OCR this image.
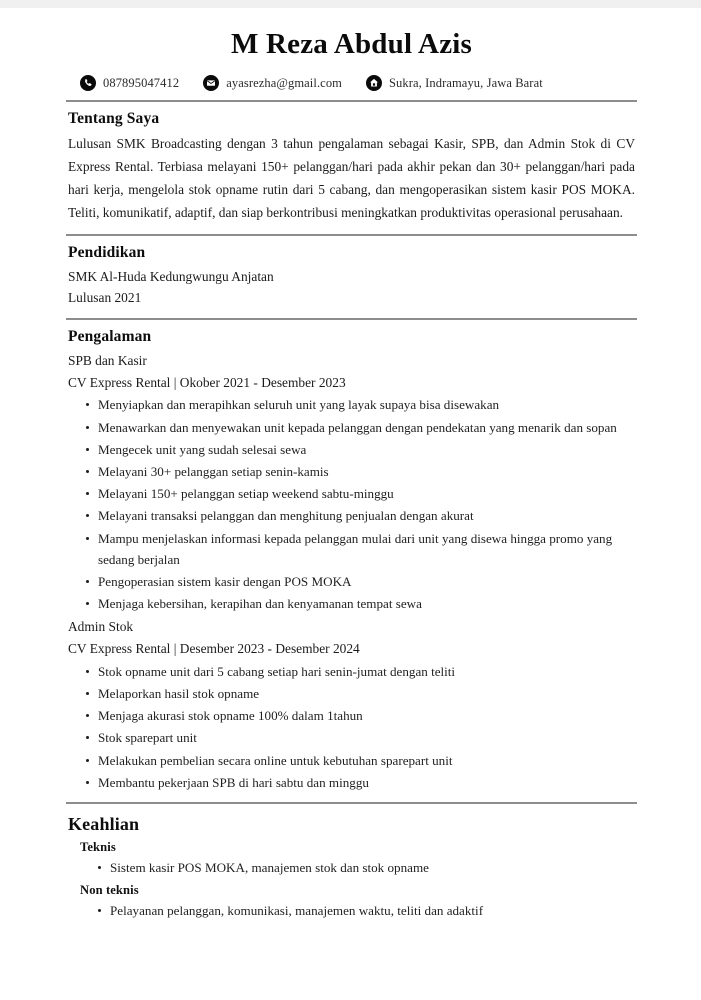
M Reza Abdul Azis
087895047412	ayasrezha@gmail.com	Sukra, Indramayu, Jawa Barat
Tentang Saya
Lulusan SMK Broadcasting dengan 3 tahun pengalaman sebagai Kasir, SPB, dan Admin Stok di CV Express Rental. Terbiasa melayani 150+ pelanggan/hari pada akhir pekan dan 30+ pelanggan/hari pada hari kerja, mengelola stok opname rutin dari 5 cabang, dan mengoperasikan sistem kasir POS MOKA. Teliti, komunikatif, adaptif, dan siap berkontribusi meningkatkan produktivitas operasional perusahaan.
Pendidikan
SMK Al-Huda Kedungwungu Anjatan
Lulusan 2021
Pengalaman
SPB dan Kasir
CV Express Rental | Okober 2021 - Desember 2023
Menyiapkan dan merapihkan seluruh unit yang layak supaya bisa disewakan
Menawarkan dan menyewakan unit kepada pelanggan dengan pendekatan yang menarik dan sopan
Mengecek unit yang sudah selesai sewa
Melayani 30+ pelanggan setiap senin-kamis
Melayani 150+ pelanggan setiap weekend sabtu-minggu
Melayani transaksi pelanggan dan menghitung penjualan dengan akurat
Mampu menjelaskan informasi kepada pelanggan mulai dari unit yang disewa hingga promo yang sedang berjalan
Pengoperasian sistem kasir dengan POS MOKA
Menjaga kebersihan, kerapihan dan kenyamanan tempat sewa
Admin Stok
CV Express Rental | Desember 2023 - Desember 2024
Stok opname unit dari 5 cabang setiap hari senin-jumat dengan teliti
Melaporkan hasil stok opname
Menjaga akurasi stok opname 100% dalam 1tahun
Stok sparepart unit
Melakukan pembelian secara online untuk kebutuhan sparepart unit
Membantu pekerjaan SPB di hari sabtu dan minggu
Keahlian
Teknis
Sistem kasir POS MOKA, manajemen stok dan stok opname
Non teknis
Pelayanan pelanggan, komunikasi, manajemen waktu, teliti dan adaktif
